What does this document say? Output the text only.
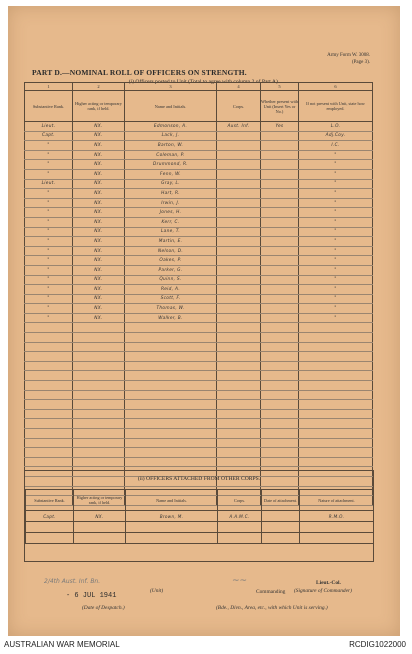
Army Form W. 3008.
(Page 3).
PART D.—NOMINAL ROLL OF OFFICERS ON STRENGTH.
(i) Officers posted to Unit (Total to agree with column 2 of Part A).
1	2	3	4	5	6
Substantive Rank.	Higher acting or temporary rank, if held.	Name and Initials.	Corps.	Whether present with Unit (Insert Yes or No.)	If not present with Unit, state how employed.
Lieut.	NX.	Edmonson, A.	Aust. Inf.	Yes	L.O.
Capt.	NX.	Lack, J.			Adj.Coy.
"	NX.	Barton, W.			I.C.
"	NX.	Coleman, P.			"
"	NX.	Drummond, R.			"
"	NX.	Fenn, W.			"
Lieut.	NX.	Gray, L.			"
"	NX.	Hart, R.			"
"	NX.	Irwin, J.			"
"	NX.	Jones, H.			"
"	NX.	Kerr, C.			"
"	NX.	Lane, T.			"
"	NX.	Martin, E.			"
"	NX.	Nelson, D.			"
"	NX.	Oakes, P.			"
"	NX.	Parker, G.			"
"	NX.	Quinn, S.			"
"	NX.	Reid, A.			"
"	NX.	Scott, F.			"
"	NX.	Thomas, W.			"
"	NX.	Walker, B.			"

(ii) OFFICERS ATTACHED FROM OTHER CORPS.
Substantive Rank.	Higher acting or temporary rank, if held.	Name and Initials.	Corps.	Date of attachment.	Nature of attachment.
Capt.	NX.	Brown, M.	A.A.M.C.		R.M.O.

2/4th Aust. Inf. Bn.
(Unit)
- 6 JUL 1941
(Date of Despatch.)
~~	Lieut.-Col.
(Signature of Commander)
Commanding
(Bde., Divn., Area, etc., with which Unit is serving.)
AUSTRALIAN WAR MEMORIAL	RCDIG1022000
